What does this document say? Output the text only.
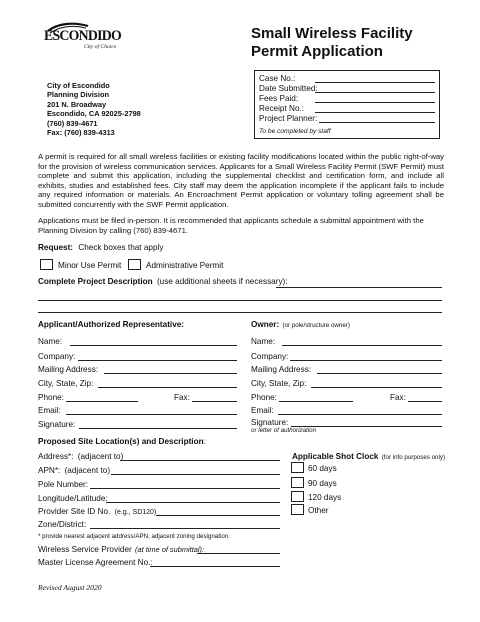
ESCONDIDO
City of Choice
Small Wireless Facility
Permit Application
City of Escondido
Planning Division
201 N. Broadway
Escondido, CA 92025-2798
(760) 839-4671
Fax: (760) 839-4313
Case No.:
Date Submitted:
Fees Paid:
Receipt No.:
Project Planner:
To be completed by staff
A permit is required for all small wireless facilities or existing facility modifications located within the public right-of-way for the provision of wireless communication services. Applicants for a Small Wireless Facility Permit (SWF Permit) must complete and submit this application, including the supplemental checklist and certification form, and include all exhibits, studies and established fees. City staff may deem the application incomplete if the applicant fails to include any required information or materials. An Encroachment Permit application or voluntary tolling agreement shall be submitted concurrently with the SWF Permit application.
Applications must be filed in-person. It is recommended that applicants schedule a submittal appointment with the Planning Division by calling (760) 839-4671.
Request: Check boxes that apply
Minor Use Permit	Administrative Permit
Complete Project Description (use additional sheets if necessary):
Applicant/Authorized Representative:
Name:
Company:
Mailing Address:
City, State, Zip:
Phone:	Fax:
Email:
Signature:
Owner: (or pole/structure owner)
Name:
Company:
Mailing Address:
City, State, Zip:
Phone:	Fax:
Email:
Signature:
or letter of authorization
Proposed Site Location(s) and Description:
Address*: (adjacent to)
APN*: (adjacent to)
Pole Number:
Longitude/Latitude:
Provider Site ID No. (e.g., SD120)
Zone/District:
* provide nearest adjacent address/APN, adjacent zoning designation.
Wireless Service Provider (at time of submittal):
Master License Agreement No.:
Applicable Shot Clock (for info purposes only)
60 days
90 days
120 days
Other
Revised August 2020
